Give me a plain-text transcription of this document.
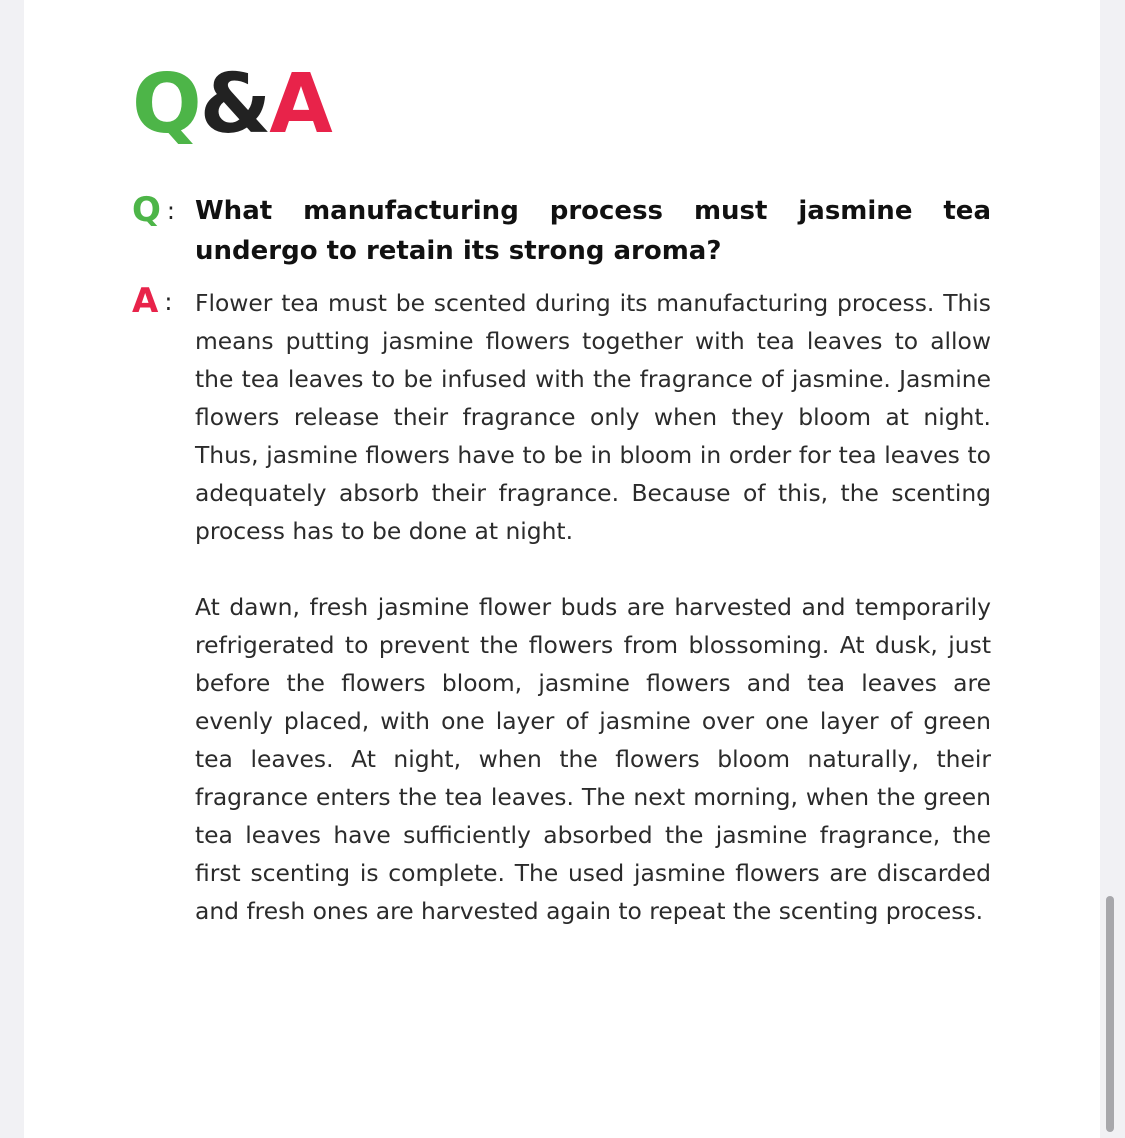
Q&A
Q : What manufacturing process must jasmine tea undergo to retain its strong aroma?

A : Flower tea must be scented during its manufacturing process. This means putting jasmine flowers together with tea leaves to allow the tea leaves to be infused with the fragrance of jasmine. Jasmine flowers release their fragrance only when they bloom at night. Thus, jasmine flowers have to be in bloom in order for tea leaves to adequately absorb their fragrance. Because of this, the scenting process has to be done at night.

At dawn, fresh jasmine flower buds are harvested and temporarily refrigerated to prevent the flowers from blossoming. At dusk, just before the flowers bloom, jasmine flowers and tea leaves are evenly placed, with one layer of jasmine over one layer of green tea leaves. At night, when the flowers bloom naturally, their fragrance enters the tea leaves. The next morning, when the green tea leaves have sufficiently absorbed the jasmine fragrance, the first scenting is complete. The used jasmine flowers are discarded and fresh ones are harvested again to repeat the scenting process.
